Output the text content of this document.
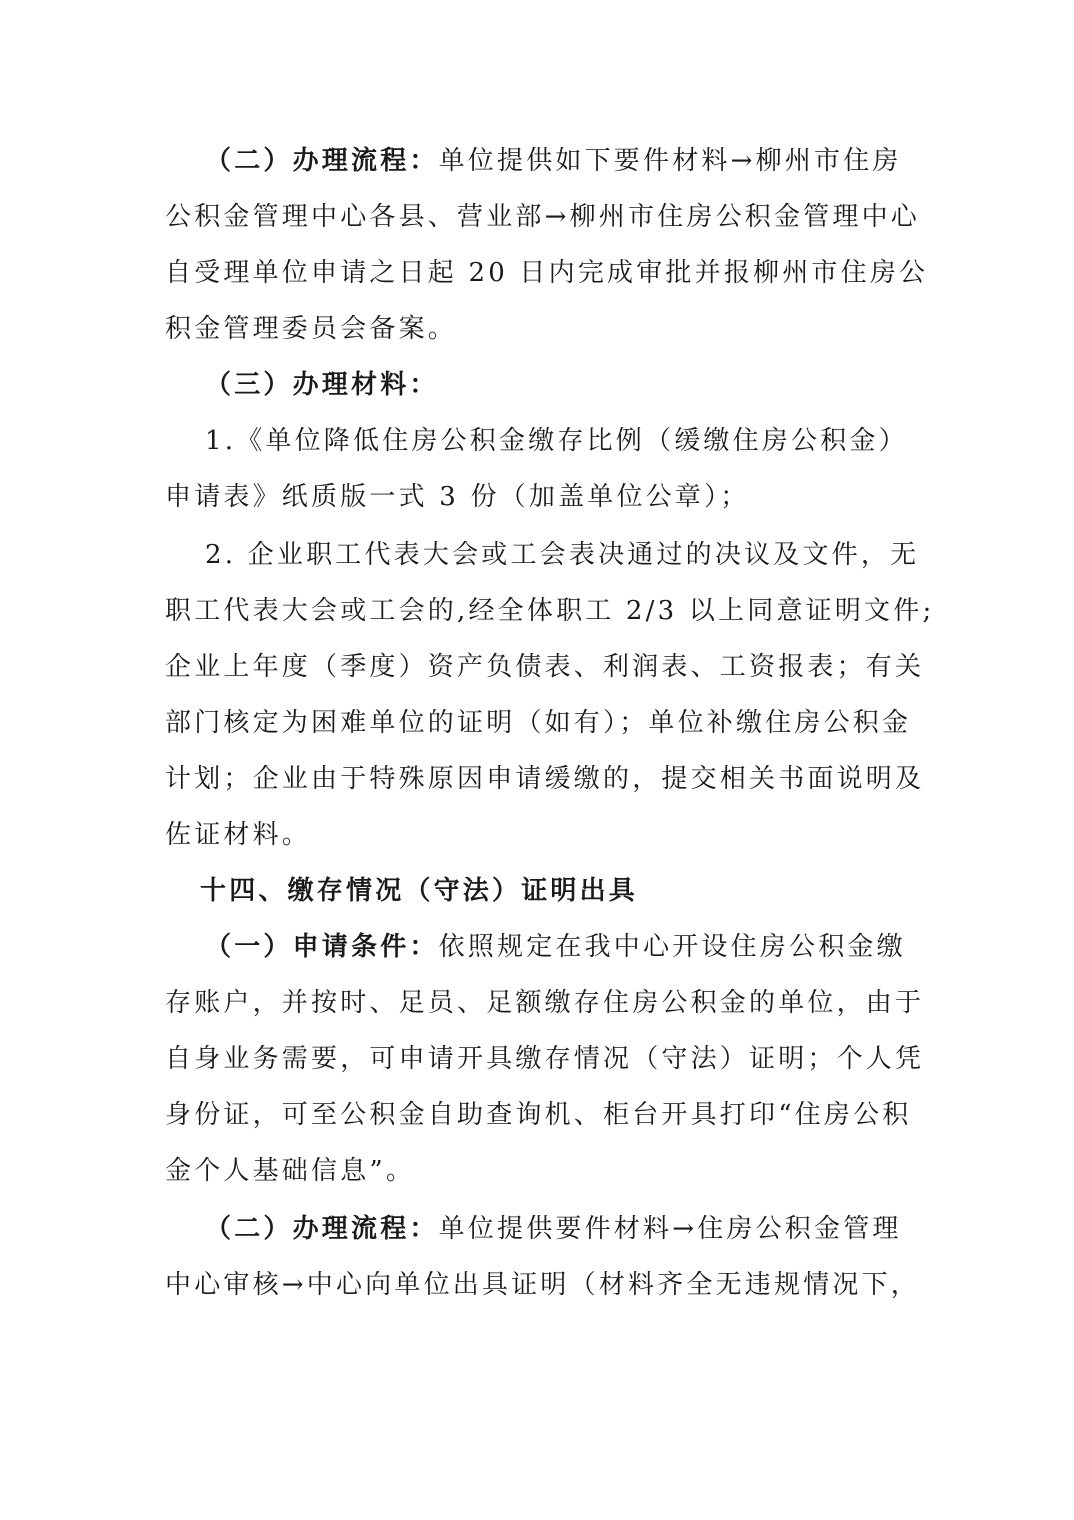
（二）办理流程：单位提供如下要件材料→柳州市住房
公积金管理中心各县、营业部→柳州市住房公积金管理中心
自受理单位申请之日起 20 日内完成审批并报柳州市住房公
积金管理委员会备案。
（三）办理材料：
1.《单位降低住房公积金缴存比例（缓缴住房公积金）
申请表》纸质版一式 3 份（加盖单位公章）；
2. 企业职工代表大会或工会表决通过的决议及文件，无
职工代表大会或工会的,经全体职工 2/3 以上同意证明文件;
企业上年度（季度）资产负债表、利润表、工资报表；有关
部门核定为困难单位的证明（如有）；单位补缴住房公积金
计划；企业由于特殊原因申请缓缴的，提交相关书面说明及
佐证材料。
十四、缴存情况（守法）证明出具
（一）申请条件：依照规定在我中心开设住房公积金缴
存账户，并按时、足员、足额缴存住房公积金的单位，由于
自身业务需要，可申请开具缴存情况（守法）证明；个人凭
身份证，可至公积金自助查询机、柜台开具打印“住房公积
金个人基础信息”。
（二）办理流程：单位提供要件材料→住房公积金管理
中心审核→中心向单位出具证明（材料齐全无违规情况下，
